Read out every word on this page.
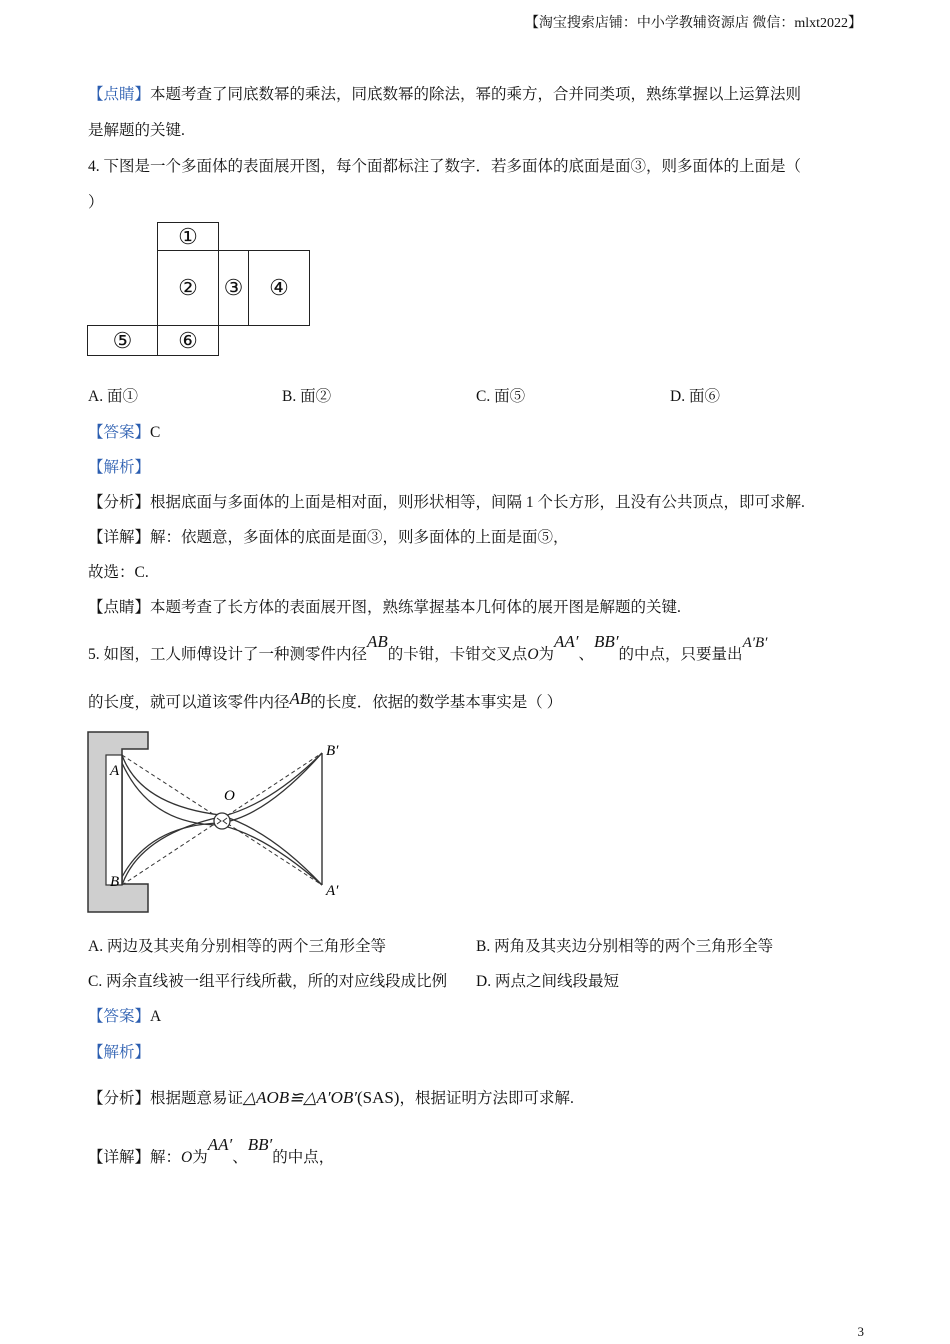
【淘宝搜索店铺：中小学教辅资源店 微信：mlxt2022】
【点睛】本题考查了同底数幂的乘法，同底数幂的除法，幂的乘方，合并同类项，熟练掌握以上运算法则
是解题的关键.
4. 下图是一个多面体的表面展开图，每个面都标注了数字．若多面体的底面是面③，则多面体的上面是（
）
①
②	③	④
⑤	⑥
A. 面①	B. 面②	C. 面⑤	D. 面⑥
【答案】C
【解析】
【分析】根据底面与多面体的上面是相对面，则形状相等，间隔 1 个长方形，且没有公共顶点，即可求解.
【详解】解：依题意，多面体的底面是面③，则多面体的上面是面⑤，
故选：C.
【点睛】本题考查了长方体的表面展开图，熟练掌握基本几何体的展开图是解题的关键.
5. 如图，工人师傅设计了一种测零件内径AB的卡钳，卡钳交叉点O为AA′、BB′的中点，只要量出A′B′
的长度，就可以道该零件内径AB的长度．依据的数学基本事实是（ ）
A
B
O
B′
A′
A. 两边及其夹角分别相等的两个三角形全等	B. 两角及其夹边分别相等的两个三角形全等
C. 两余直线被一组平行线所截，所的对应线段成比例 D. 两点之间线段最短
【答案】A
【解析】
【分析】根据题意易证△AOB≌△A′OB′(SAS)，根据证明方法即可求解.
【详解】解：O为AA′、BB′的中点，
3
